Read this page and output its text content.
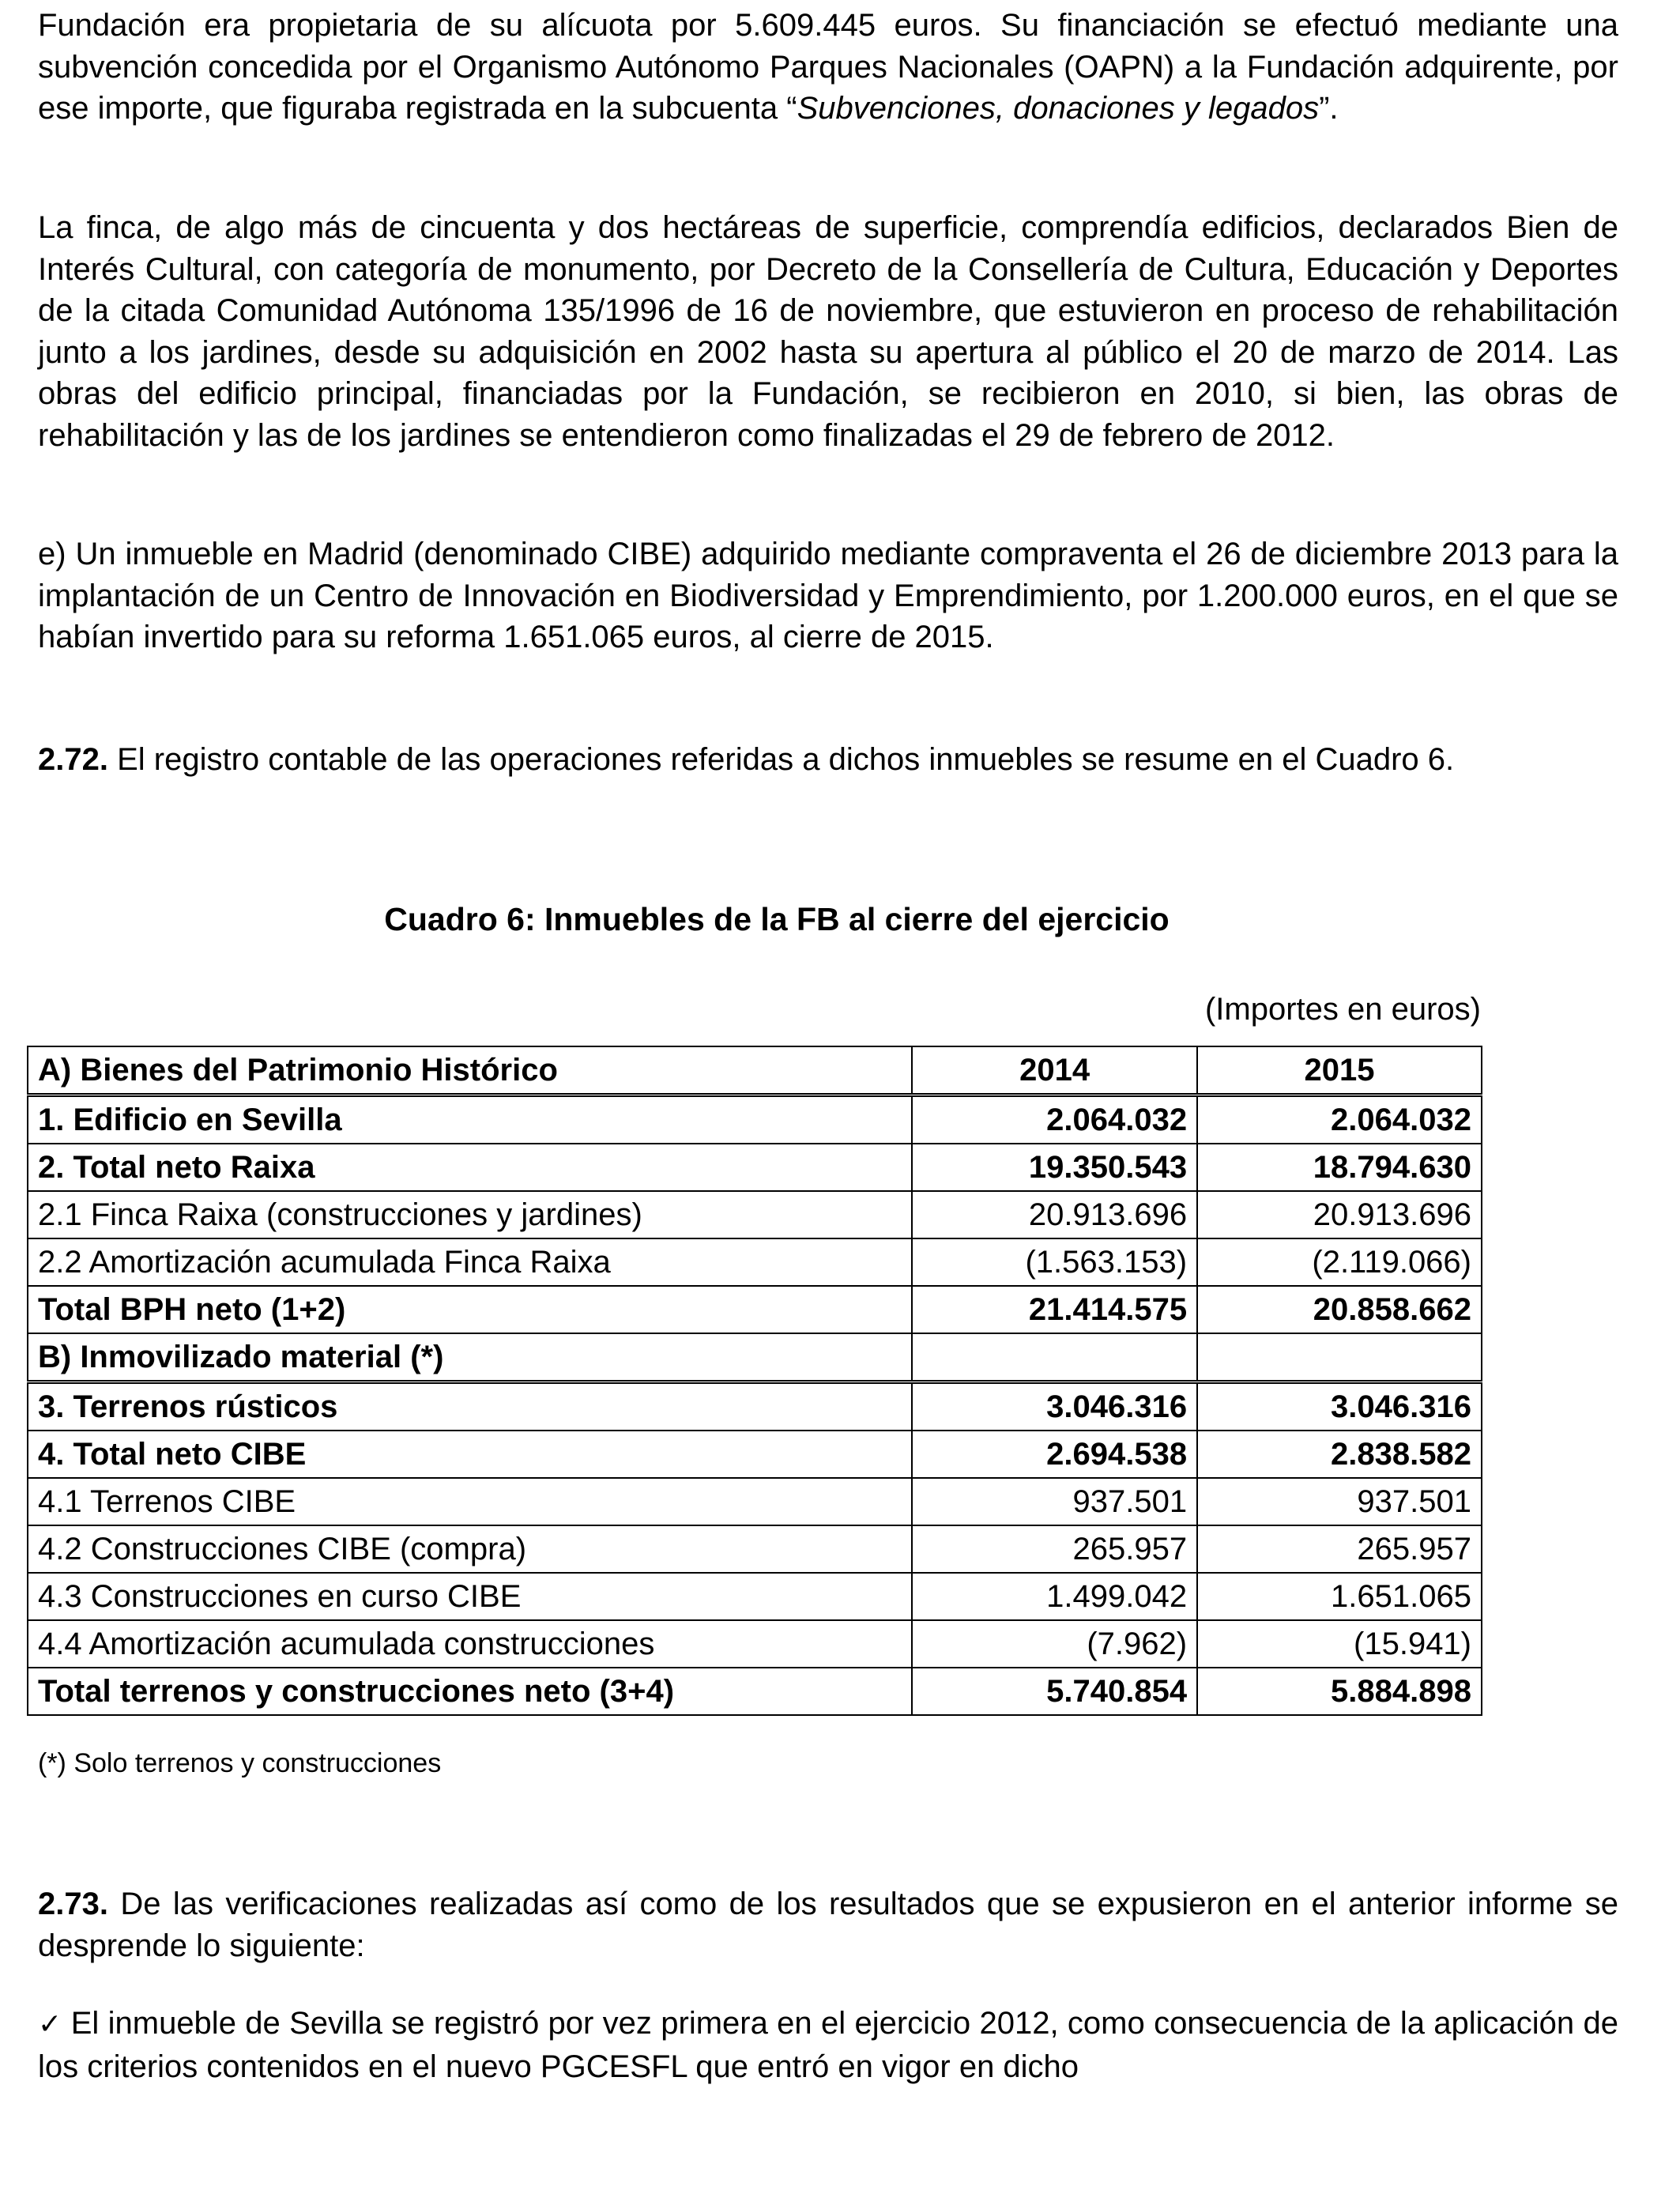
Fundación era propietaria de su alícuota por 5.609.445 euros. Su financiación se efectuó mediante una subvención concedida por el Organismo Autónomo Parques Nacionales (OAPN) a la Fundación adquirente, por ese importe, que figuraba registrada en la subcuenta “Subvenciones, donaciones y legados”.

La finca, de algo más de cincuenta y dos hectáreas de superficie, comprendía edificios, declarados Bien de Interés Cultural, con categoría de monumento, por Decreto de la Consellería de Cultura, Educación y Deportes de la citada Comunidad Autónoma 135/1996 de 16 de noviembre, que estuvieron en proceso de rehabilitación junto a los jardines, desde su adquisición en 2002 hasta su apertura al público el 20 de marzo de 2014. Las obras del edificio principal, financiadas por la Fundación, se recibieron en 2010, si bien, las obras de rehabilitación y las de los jardines se entendieron como finalizadas el 29 de febrero de 2012.

e) Un inmueble en Madrid (denominado CIBE) adquirido mediante compraventa el 26 de diciembre 2013 para la implantación de un Centro de Innovación en Biodiversidad y Emprendimiento, por 1.200.000 euros, en el que se habían invertido para su reforma 1.651.065 euros, al cierre de 2015.

2.72. El registro contable de las operaciones referidas a dichos inmuebles se resume en el Cuadro 6.

Cuadro 6: Inmuebles de la FB al cierre del ejercicio
(Importes en euros)
A) Bienes del Patrimonio Histórico	2014	2015
1. Edificio en Sevilla	2.064.032	2.064.032
2. Total neto Raixa	19.350.543	18.794.630
2.1 Finca Raixa (construcciones y jardines)	20.913.696	20.913.696
2.2 Amortización acumulada Finca Raixa	(1.563.153)	(2.119.066)
Total BPH neto (1+2)	21.414.575	20.858.662
B) Inmovilizado material (*)		
3. Terrenos rústicos	3.046.316	3.046.316
4. Total neto CIBE	2.694.538	2.838.582
4.1 Terrenos CIBE	937.501	937.501
4.2 Construcciones CIBE (compra)	265.957	265.957
4.3 Construcciones en curso CIBE	1.499.042	1.651.065
4.4 Amortización acumulada construcciones	(7.962)	(15.941)
Total terrenos y construcciones neto (3+4)	5.740.854	5.884.898
(*) Solo terrenos y construcciones

2.73. De las verificaciones realizadas así como de los resultados que se expusieron en el anterior informe se desprende lo siguiente:

✓ El inmueble de Sevilla se registró por vez primera en el ejercicio 2012, como consecuencia de la aplicación de los criterios contenidos en el nuevo PGCESFL que entró en vigor en dicho
